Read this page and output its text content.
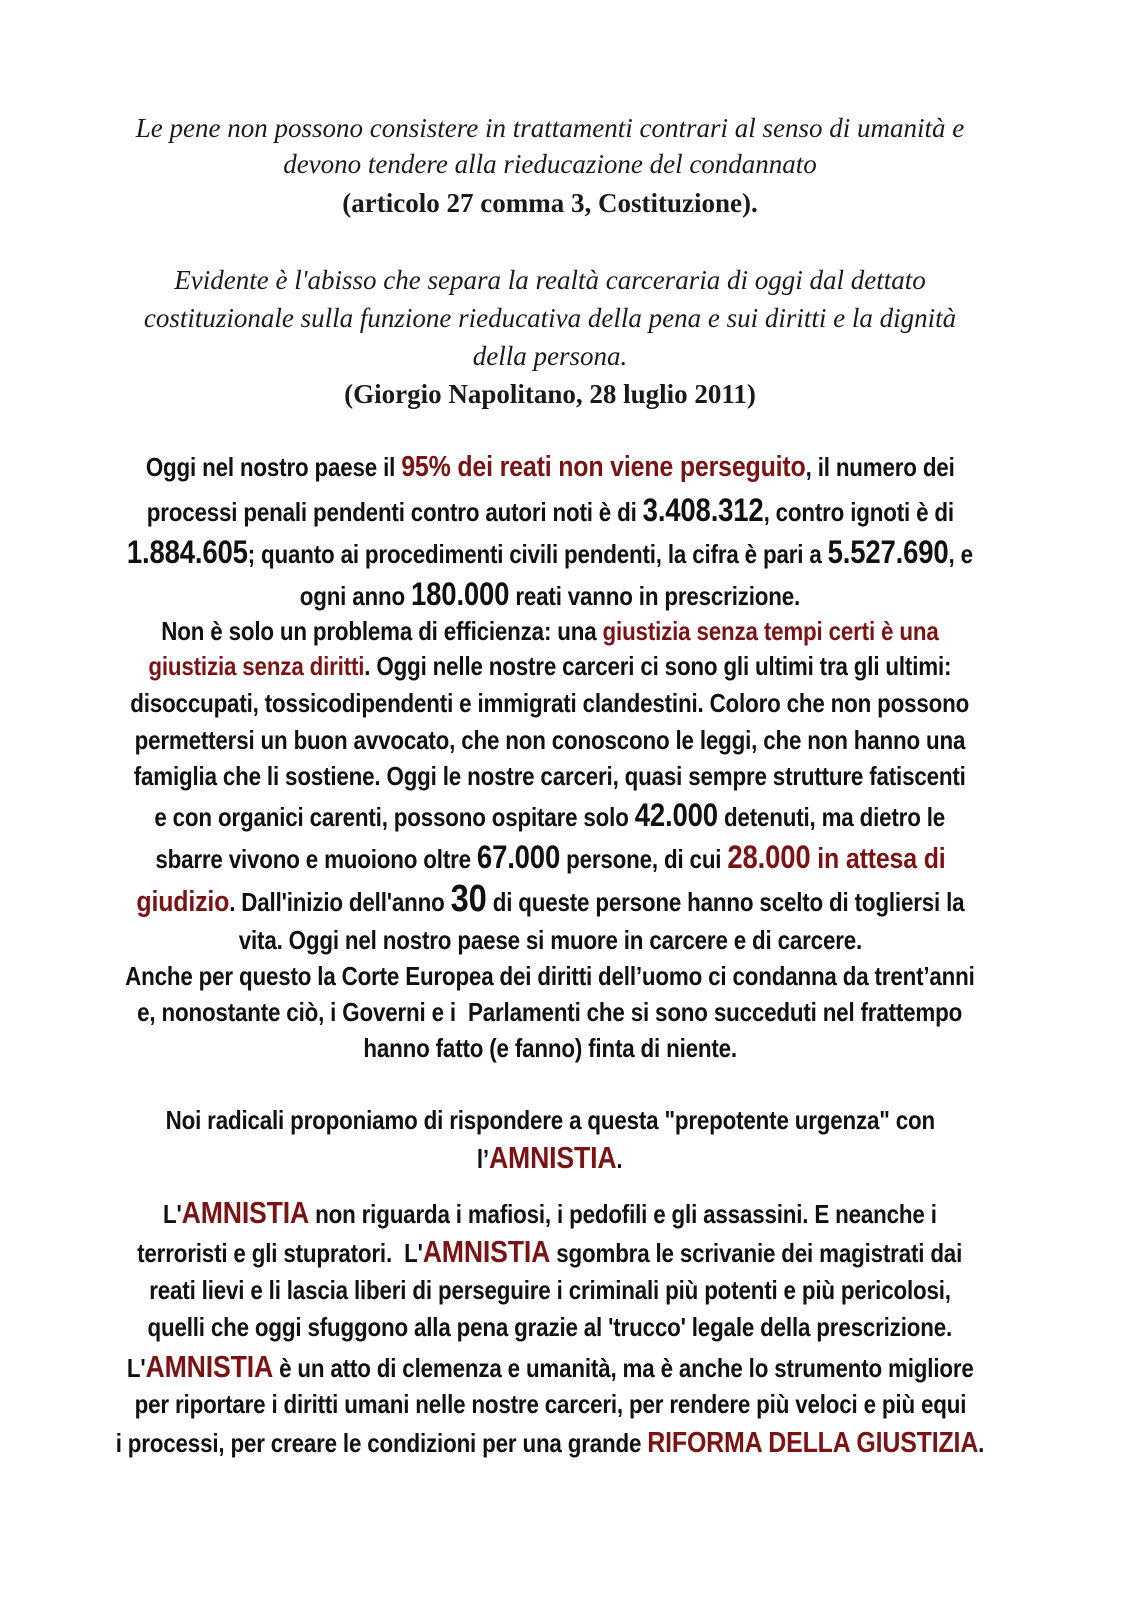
Le pene non possono consistere in trattamenti contrari al senso di umanità e
devono tendere alla rieducazione del condannato
(articolo 27 comma 3, Costituzione).
Evidente è l'abisso che separa la realtà carceraria di oggi dal dettato
costituzionale sulla funzione rieducativa della pena e sui diritti e la dignità
della persona.
(Giorgio Napolitano, 28 luglio 2011)
Oggi nel nostro paese il 95% dei reati non viene perseguito, il numero dei
processi penali pendenti contro autori noti è di 3.408.312, contro ignoti è di
1.884.605; quanto ai procedimenti civili pendenti, la cifra è pari a 5.527.690, e
ogni anno 180.000 reati vanno in prescrizione.
Non è solo un problema di efficienza: una giustizia senza tempi certi è una
giustizia senza diritti. Oggi nelle nostre carceri ci sono gli ultimi tra gli ultimi:
disoccupati, tossicodipendenti e immigrati clandestini. Coloro che non possono
permettersi un buon avvocato, che non conoscono le leggi, che non hanno una
famiglia che li sostiene. Oggi le nostre carceri, quasi sempre strutture fatiscenti
e con organici carenti, possono ospitare solo 42.000 detenuti, ma dietro le
sbarre vivono e muoiono oltre 67.000 persone, di cui 28.000 in attesa di
giudizio. Dall'inizio dell'anno 30 di queste persone hanno scelto di togliersi la
vita. Oggi nel nostro paese si muore in carcere e di carcere.
Anche per questo la Corte Europea dei diritti dell’uomo ci condanna da trent’anni
e, nonostante ciò, i Governi e i  Parlamenti che si sono succeduti nel frattempo
hanno fatto (e fanno) finta di niente.
Noi radicali proponiamo di rispondere a questa "prepotente urgenza" con
l’AMNISTIA.
L'AMNISTIA non riguarda i mafiosi, i pedofili e gli assassini. E neanche i
terroristi e gli stupratori.  L'AMNISTIA sgombra le scrivanie dei magistrati dai
reati lievi e li lascia liberi di perseguire i criminali più potenti e più pericolosi,
quelli che oggi sfuggono alla pena grazie al 'trucco' legale della prescrizione.
L'AMNISTIA è un atto di clemenza e umanità, ma è anche lo strumento migliore
per riportare i diritti umani nelle nostre carceri, per rendere più veloci e più equi
i processi, per creare le condizioni per una grande RIFORMA DELLA GIUSTIZIA.
